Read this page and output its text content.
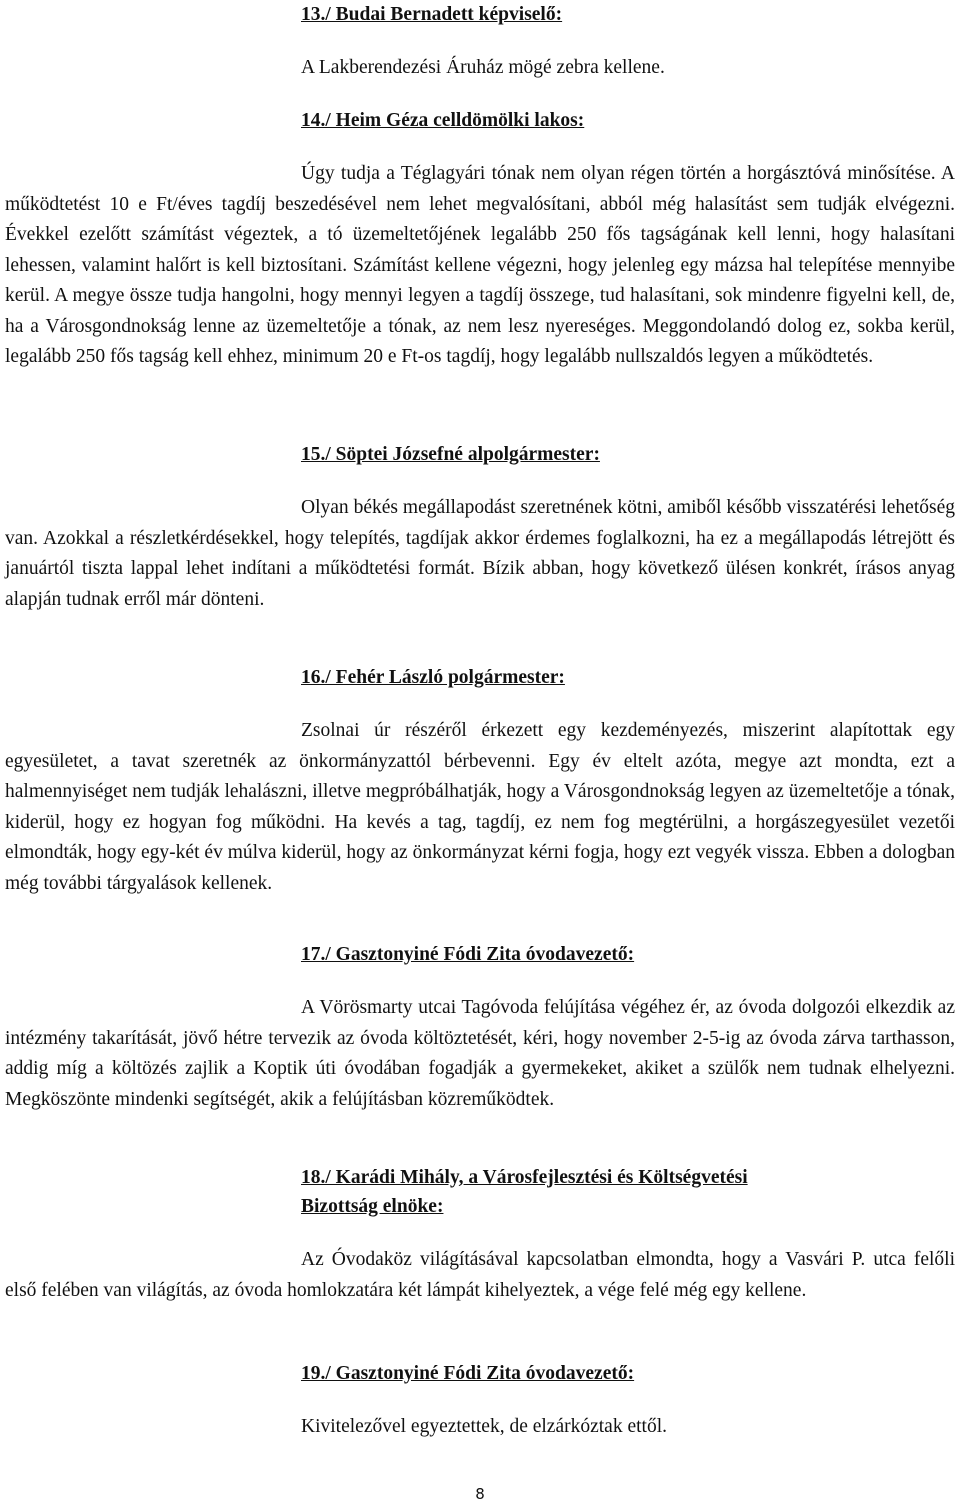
13./ Budai Bernadett képviselő:
A Lakberendezési Áruház mögé zebra kellene.
14./ Heim Géza celldömölki lakos:
Úgy tudja a Téglagyári tónak nem olyan régen történ a horgásztóvá minősítése. A működtetést 10 e Ft/éves tagdíj beszedésével nem lehet megvalósítani, abból még halasítást sem tudják elvégezni. Évekkel ezelőtt számítást végeztek, a tó üzemeltetőjének legalább 250 fős tagságának kell lenni, hogy halasítani lehessen, valamint halőrt is kell biztosítani. Számítást kellene végezni, hogy jelenleg egy mázsa hal telepítése mennyibe kerül. A megye össze tudja hangolni, hogy mennyi legyen a tagdíj összege, tud halasítani, sok mindenre figyelni kell, de, ha a Városgondnokság lenne az üzemeltetője a tónak, az nem lesz nyereséges. Meggondolandó dolog ez, sokba kerül, legalább 250 fős tagság kell ehhez, minimum 20 e Ft-os tagdíj, hogy legalább nullszaldós legyen a működtetés.
15./ Söptei Józsefné alpolgármester:
Olyan békés megállapodást szeretnének kötni, amiből később visszatérési lehetőség van. Azokkal a részletkérdésekkel, hogy telepítés, tagdíjak akkor érdemes foglalkozni, ha ez a megállapodás létrejött és januártól tiszta lappal lehet indítani a működtetési formát. Bízik abban, hogy következő ülésen konkrét, írásos anyag alapján tudnak erről már dönteni.
16./ Fehér László polgármester:
Zsolnai úr részéről érkezett egy kezdeményezés, miszerint alapítottak egy egyesületet, a tavat szeretnék az önkormányzattól bérbevenni. Egy év eltelt azóta, megye azt mondta, ezt a halmennyiséget nem tudják lehalászni, illetve megpróbálhatják, hogy a Városgondnokság legyen az üzemeltetője a tónak, kiderül, hogy ez hogyan fog működni. Ha kevés a tag, tagdíj, ez nem fog megtérülni, a horgászegyesület vezetői elmondták, hogy egy-két év múlva kiderül, hogy az önkormányzat kérni fogja, hogy ezt vegyék vissza. Ebben a dologban még további tárgyalások kellenek.
17./ Gasztonyiné Fódi Zita óvodavezető:
A Vörösmarty utcai Tagóvoda felújítása végéhez ér, az óvoda dolgozói elkezdik az intézmény takarítását, jövő hétre tervezik az óvoda költöztetését, kéri, hogy november 2-5-ig az óvoda zárva tarthasson, addig míg a költözés zajlik a Koptik úti óvodában fogadják a gyermekeket, akiket a szülők nem tudnak elhelyezni. Megköszönte mindenki segítségét, akik a felújításban közreműködtek.
18./ Karádi Mihály, a Városfejlesztési és Költségvetési
Bizottság elnöke:
Az Óvodaköz világításával kapcsolatban elmondta, hogy a Vasvári P. utca felőli első felében van világítás, az óvoda homlokzatára két lámpát kihelyeztek, a vége felé még egy kellene.
19./ Gasztonyiné Fódi Zita óvodavezető:
Kivitelezővel egyeztettek, de elzárkóztak ettől.
8
